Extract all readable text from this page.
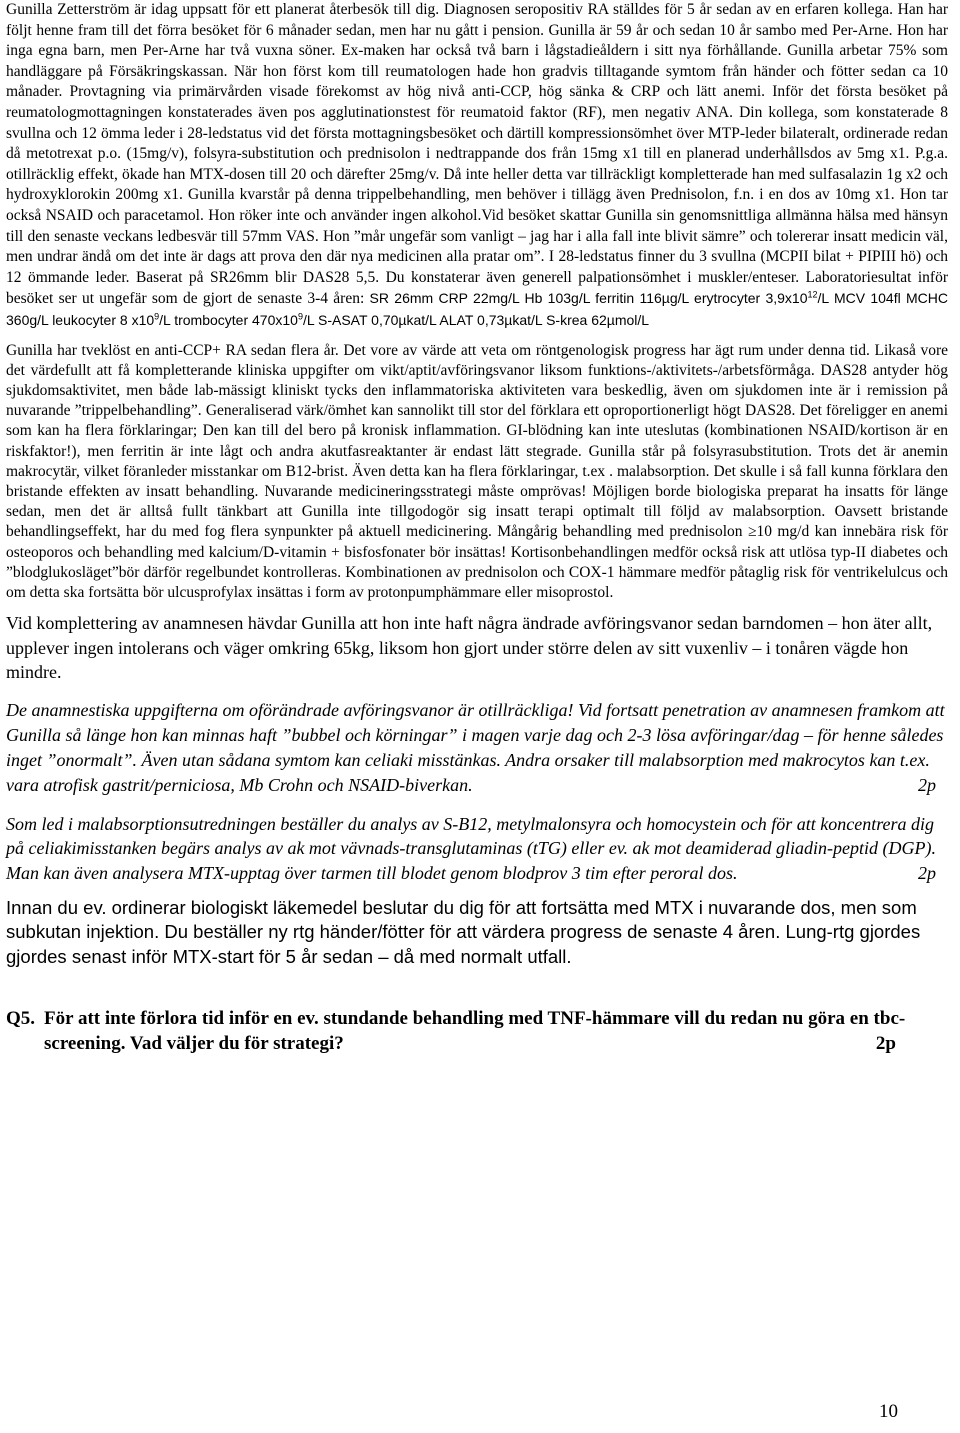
Gunilla Zetterström är idag uppsatt för ett planerat återbesök till dig. Diagnosen seropositiv RA ställdes för 5 år sedan av en erfaren kollega. Han har följt henne fram till det förra besöket för 6 månader sedan, men har nu gått i pension. Gunilla är 59 år och sedan 10 år sambo med Per-Arne. Hon har inga egna barn, men Per-Arne har två vuxna söner. Ex-maken har också två barn i lågstadieåldern i sitt nya förhållande. Gunilla arbetar 75% som handläggare på Försäkringskassan. När hon först kom till reumatologen hade hon gradvis tilltagande symtom från händer och fötter sedan ca 10 månader. Provtagning via primärvården visade förekomst av hög nivå anti-CCP, hög sänka & CRP och lätt anemi. Inför det första besöket på reumatologmottagningen konstaterades även pos agglutinationstest för reumatoid faktor (RF), men negativ ANA. Din kollega, som konstaterade 8 svullna och 12 ömma leder i 28-ledstatus vid det första mottagningsbesöket och därtill kompressionsömhet över MTP-leder bilateralt, ordinerade redan då metotrexat p.o. (15mg/v), folsyra-substitution och prednisolon i nedtrappande dos från 15mg x1 till en planerad underhållsdos av 5mg x1. P.g.a. otillräcklig effekt, ökade han MTX-dosen till 20 och därefter 25mg/v. Då inte heller detta var tillräckligt kompletterade han med sulfasalazin 1g x2 och hydroxyklorokin 200mg x1. Gunilla kvarstår på denna trippelbehandling, men behöver i tillägg även Prednisolon, f.n. i en dos av 10mg x1. Hon tar också NSAID och paracetamol. Hon röker inte och använder ingen alkohol.Vid besöket skattar Gunilla sin genomsnittliga allmänna hälsa med hänsyn till den senaste veckans ledbesvär till 57mm VAS. Hon ”mår ungefär som vanligt – jag har i alla fall inte blivit sämre” och tolererar insatt medicin väl, men undrar ändå om det inte är dags att prova den där nya medicinen alla pratar om”. I 28-ledstatus finner du 3 svullna (MCPII bilat + PIPIII hö) och 12 ömmande leder. Baserat på SR26mm blir DAS28 5,5. Du konstaterar även generell palpationsömhet i muskler/enteser. Laboratoriesultat inför besöket ser ut ungefär som de gjort de senaste 3-4 åren: SR 26mm CRP 22mg/L Hb 103g/L ferritin 116µg/L erytrocyter $3,9x10^{12}/L$ MCV 104fl MCHC 360g/L leukocyter 8 $x10^9/L$ trombocyter $470x10^9/L$ S-ASAT 0,70µkat/L ALAT 0,73µkat/L S-krea 62µmol/L

Gunilla har tveklöst en anti-CCP+ RA sedan flera år. Det vore av värde att veta om röntgenologisk progress har ägt rum under denna tid. Likaså vore det värdefullt att få kompletterande kliniska uppgifter om vikt/aptit/avföringsvanor liksom funktions-/aktivitets-/arbetsförmåga. DAS28 antyder hög sjukdomsaktivitet, men både lab-mässigt kliniskt tycks den inflammatoriska aktiviteten vara beskedlig, även om sjukdomen inte är i remission på nuvarande ”trippelbehandling”. Generaliserad värk/ömhet kan sannolikt till stor del förklara ett oproportionerligt högt DAS28. Det föreligger en anemi som kan ha flera förklaringar; Den kan till del bero på kronisk inflammation. GI-blödning kan inte uteslutas (kombinationen NSAID/kortison är en riskfaktor!), men ferritin är inte lågt och andra akutfasreaktanter är endast lätt stegrade. Gunilla står på folsyrasubstitution. Trots det är anemin makrocytär, vilket föranleder misstankar om B12-brist. Även detta kan ha flera förklaringar, t.ex . malabsorption. Det skulle i så fall kunna förklara den bristande effekten av insatt behandling. Nuvarande medicineringsstrategi måste omprövas! Möjligen borde biologiska preparat ha insatts för länge sedan, men det är alltså fullt tänkbart att Gunilla inte tillgodogör sig insatt terapi optimalt till följd av malabsorption. Oavsett bristande behandlingseffekt, har du med fog flera synpunkter på aktuell medicinering. Mångårig behandling med prednisolon ≥10 mg/d kan innebära risk för osteoporos och behandling med kalcium/D-vitamin + bisfosfonater bör insättas! Kortisonbehandlingen medför också risk att utlösa typ-II diabetes och ”blodglukosläget”bör därför regelbundet kontrolleras. Kombinationen av prednisolon och COX-1 hämmare medför påtaglig risk för ventrikelulcus och om detta ska fortsätta bör ulcusprofylax insättas i form av protonpumphämmare eller misoprostol.

Vid komplettering av anamnesen hävdar Gunilla att hon inte haft några ändrade avföringsvanor sedan barndomen – hon äter allt, upplever ingen intolerans och väger omkring 65kg, liksom hon gjort under större delen av sitt vuxenliv – i tonåren vägde hon mindre.

De anamnestiska uppgifterna om oförändrade avföringsvanor är otillräckliga! Vid fortsatt penetration av anamnesen framkom att Gunilla så länge hon kan minnas haft ”bubbel och körningar” i magen varje dag och 2-3 lösa avföringar/dag – för henne således inget ”onormalt”. Även utan sådana symtom kan celiaki misstänkas. Andra orsaker till malabsorption med makrocytos kan t.ex. vara atrofisk gastrit/perniciosa, Mb Crohn och NSAID-biverkan.	2p

Som led i malabsorptionsutredningen beställer du analys av S-B12, metylmalonsyra och homocystein och för att koncentrera dig på celiakimisstanken begärs analys av ak mot vävnads-transglutaminas (tTG) eller ev. ak mot deamiderad gliadin-peptid (DGP). Man kan även analysera MTX-upptag över tarmen till blodet genom blodprov 3 tim efter peroral dos.	2p

Innan du ev. ordinerar biologiskt läkemedel beslutar du dig för att fortsätta med MTX i nuvarande dos, men som subkutan injektion. Du beställer ny rtg händer/fötter för att värdera progress de senaste 4 åren. Lung-rtg gjordes gjordes senast inför MTX-start för 5 år sedan – då med normalt utfall.

Q5. För att inte förlora tid inför en ev. stundande behandling med TNF-hämmare vill du redan nu göra en tbc-screening. Vad väljer du för strategi?	2p

10
